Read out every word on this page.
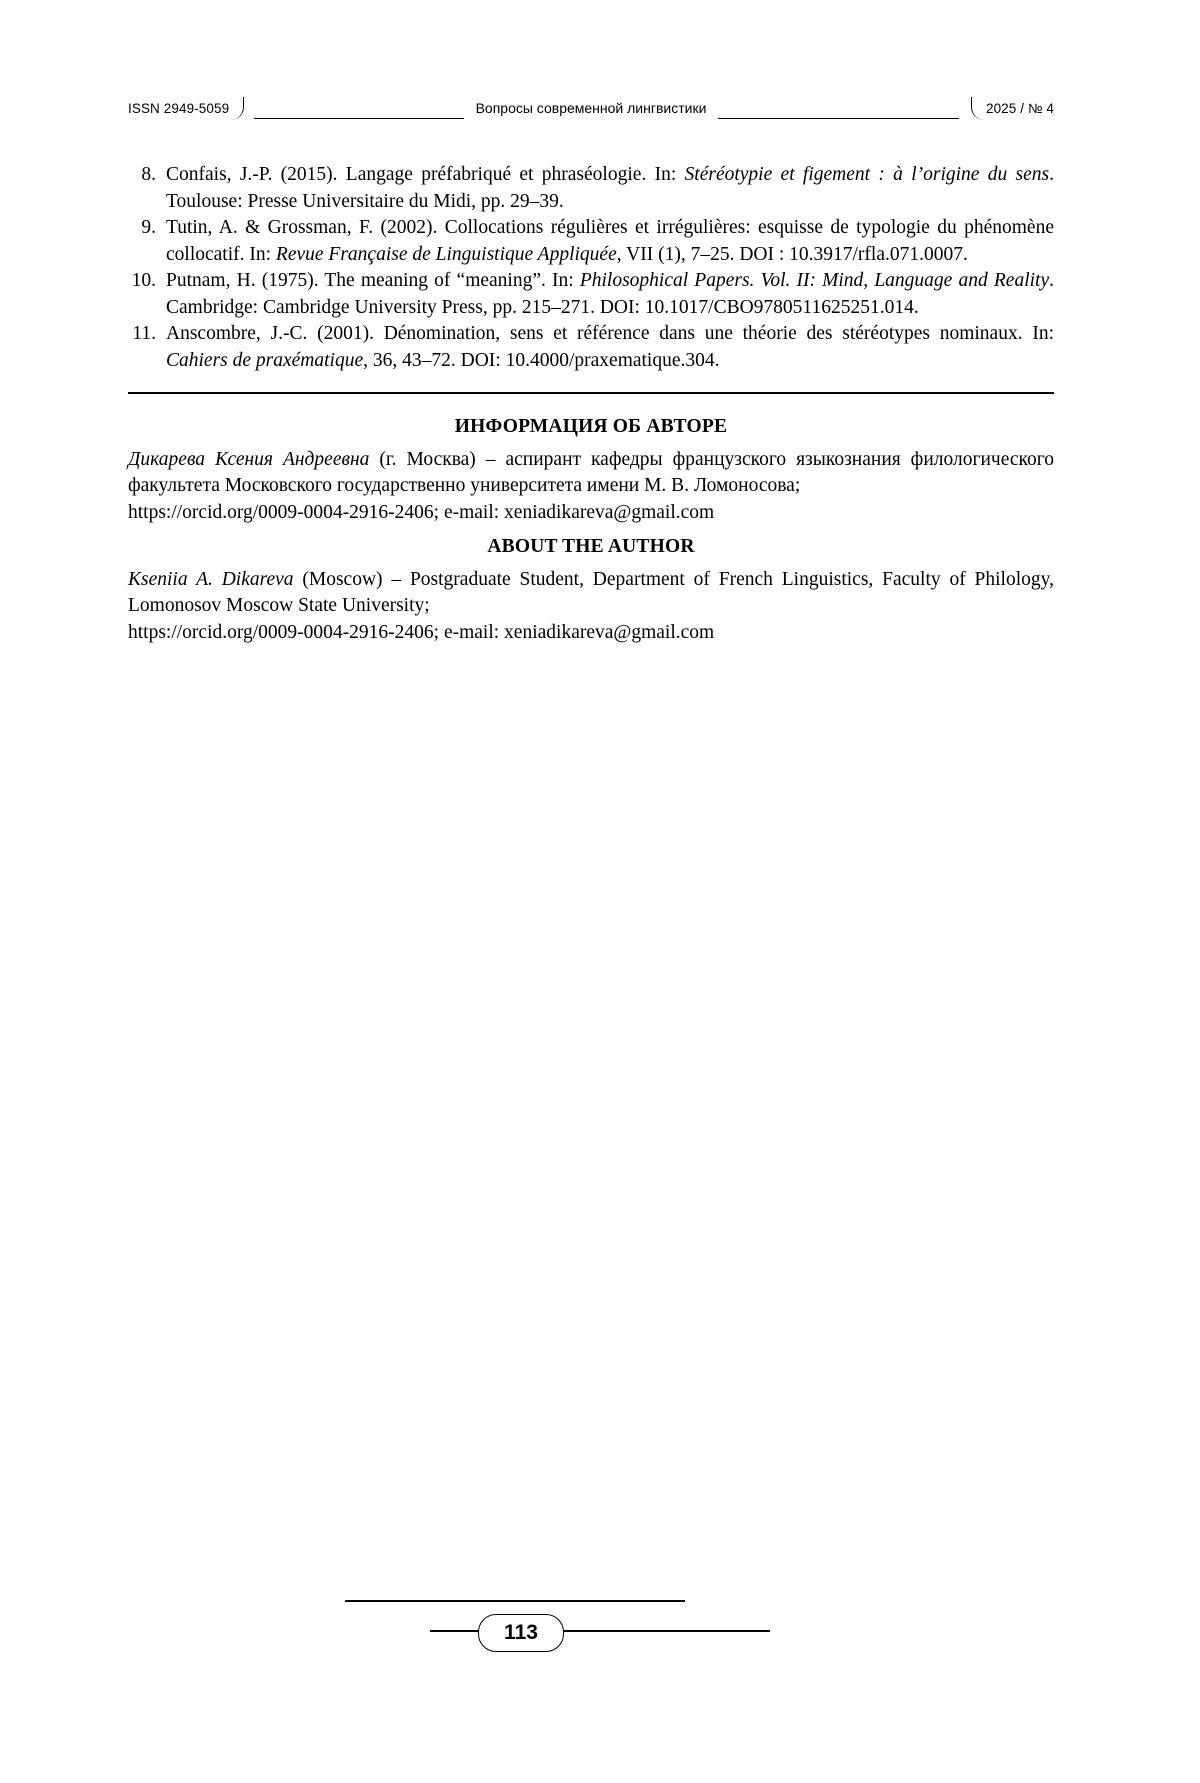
Вопросы современной лингвистики
ISSN 2949-5059	2025 / № 4
8. Confais, J.-P. (2015). Langage préfabriqué et phraséologie. In: Stéréotypie et figement : à l’origine du sens. Toulouse: Presse Universitaire du Midi, pp. 29–39.
9. Tutin, A. & Grossman, F. (2002). Collocations régulières et irrégulières: esquisse de typologie du phénomène collocatif. In: Revue Française de Linguistique Appliquée, VII (1), 7–25. DOI : 10.3917/rfla.071.0007.
10. Putnam, H. (1975). The meaning of “meaning”. In: Philosophical Papers. Vol. II: Mind, Language and Reality. Cambridge: Cambridge University Press, pp. 215–271. DOI: 10.1017/CBO9780511625251.014.
11. Anscombre, J.-C. (2001). Dénomination, sens et référence dans une théorie des stéréotypes nominaux. In: Cahiers de praxématique, 36, 43–72. DOI: 10.4000/praxematique.304.
ИНФОРМАЦИЯ ОБ АВТОРЕ
Дикарева Ксения Андреевна (г. Москва) – аспирант кафедры французского языкознания филологического факультета Московского государственно университета имени М. В. Ломоносова;
https://orcid.org/0009-0004-2916-2406; e-mail: xeniadikareva@gmail.com
ABOUT THE AUTHOR
Kseniia A. Dikareva (Moscow) – Postgraduate Student, Department of French Linguistics, Faculty of Philology, Lomonosov Moscow State University;
https://orcid.org/0009-0004-2916-2406; e-mail: xeniadikareva@gmail.com
113
